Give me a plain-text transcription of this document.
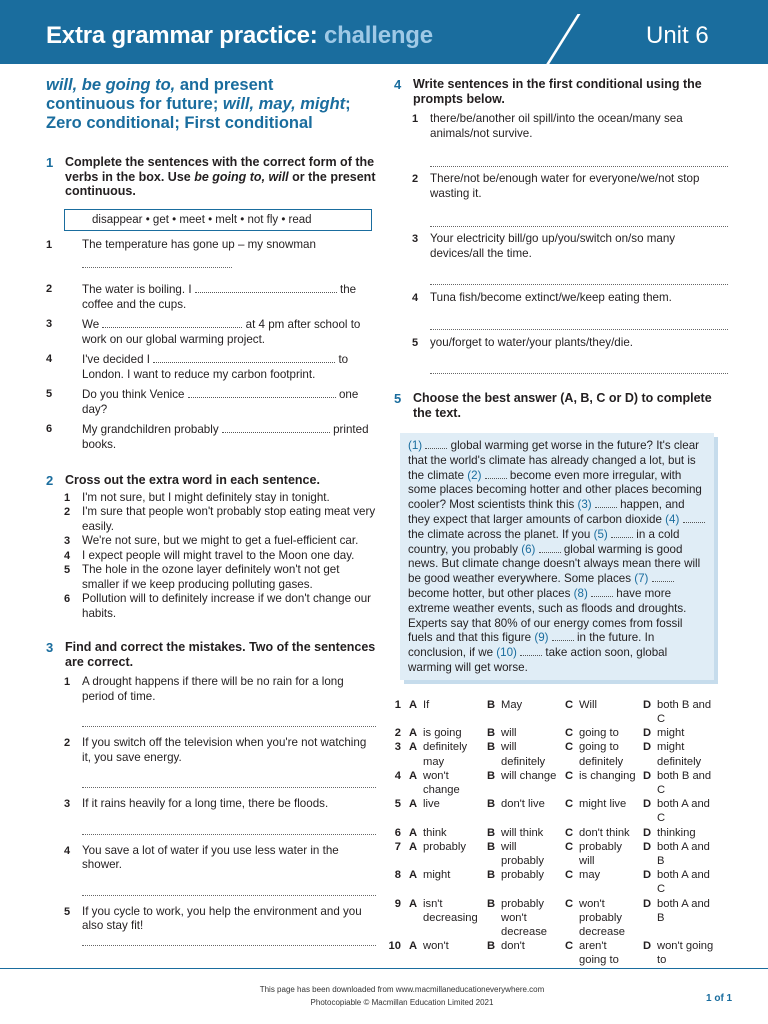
Extra grammar practice: challenge	Unit 6
will, be going to, and present
continuous for future; will, may, might;
Zero conditional; First conditional
1 Complete the sentences with the correct form of the verbs in the box. Use be going to, will or the present continuous.
disappear • get • meet • melt • not fly • read
1	The temperature has gone up – my snowman
2	The water is boiling. I	the coffee and the cups.
3	We	at 4 pm after school to work on our global warming project.
4	I've decided I	to London. I want to reduce my carbon footprint.
5	Do you think Venice	one day?
6	My grandchildren probably	printed books.
2 Cross out the extra word in each sentence.
1	I'm not sure, but I might definitely stay in tonight.
2	I'm sure that people won't probably stop eating meat very easily.
3	We're not sure, but we might to get a fuel-efficient car.
4	I expect people will might travel to the Moon one day.
5	The hole in the ozone layer definitely won't not get smaller if we keep producing polluting gases.
6	Pollution will to definitely increase if we don't change our habits.
3 Find and correct the mistakes. Two of the sentences are correct.
1	A drought happens if there will be no rain for a long period of time.
2	If you switch off the television when you're not watching it, you save energy.
3	If it rains heavily for a long time, there be floods.
4	You save a lot of water if you use less water in the shower.
5	If you cycle to work, you help the environment and you also stay fit!
4 Write sentences in the first conditional using the prompts below.
1	there/be/another oil spill/into the ocean/many sea animals/not survive.
2	There/not be/enough water for everyone/we/not stop wasting it.
3	Your electricity bill/go up/you/switch on/so many devices/all the time.
4	Tuna fish/become extinct/we/keep eating them.
5	you/forget to water/your plants/they/die.
5 Choose the best answer (A, B, C or D) to complete the text.
(1)  global warming get worse in the future? It's clear that the world's climate has already changed a lot, but is the climate (2)  become even more irregular, with some places becoming hotter and other places becoming cooler? Most scientists think this (3)  happen, and they expect that larger amounts of carbon dioxide (4)  the climate across the planet. If you (5)  in a cold country, you probably (6)  global warming is good news. But climate change doesn't always mean there will be good weather everywhere. Some places (7)  become hotter, but other places (8)  have more extreme weather events, such as floods and droughts. Experts say that 80% of our energy comes from fossil fuels and that this figure (9)  in the future. In conclusion, if we (10)  take action soon, global warming will get worse.
1	A	If	B	May	C	Will	D	both B and C
2	A	is going	B	will	C	going to	D	might
3	A	definitely may	B	will definitely	C	going to definitely	D	might definitely
4	A	won't change	B	will change	C	is changing	D	both B and C
5	A	live	B	don't live	C	might live	D	both A and C
6	A	think	B	will think	C	don't think	D	thinking
7	A	probably	B	will probably	C	probably will	D	both A and B
8	A	might	B	probably	C	may	D	both A and C
9	A	isn't decreasing	B	probably won't decrease	C	won't probably decrease	D	both A and B
10	A	won't	B	don't	C	aren't going to	D	won't going to
This page has been downloaded from www.macmillaneducationeverywhere.com
Photocopiable © Macmillan Education Limited 2021	1 of 1
